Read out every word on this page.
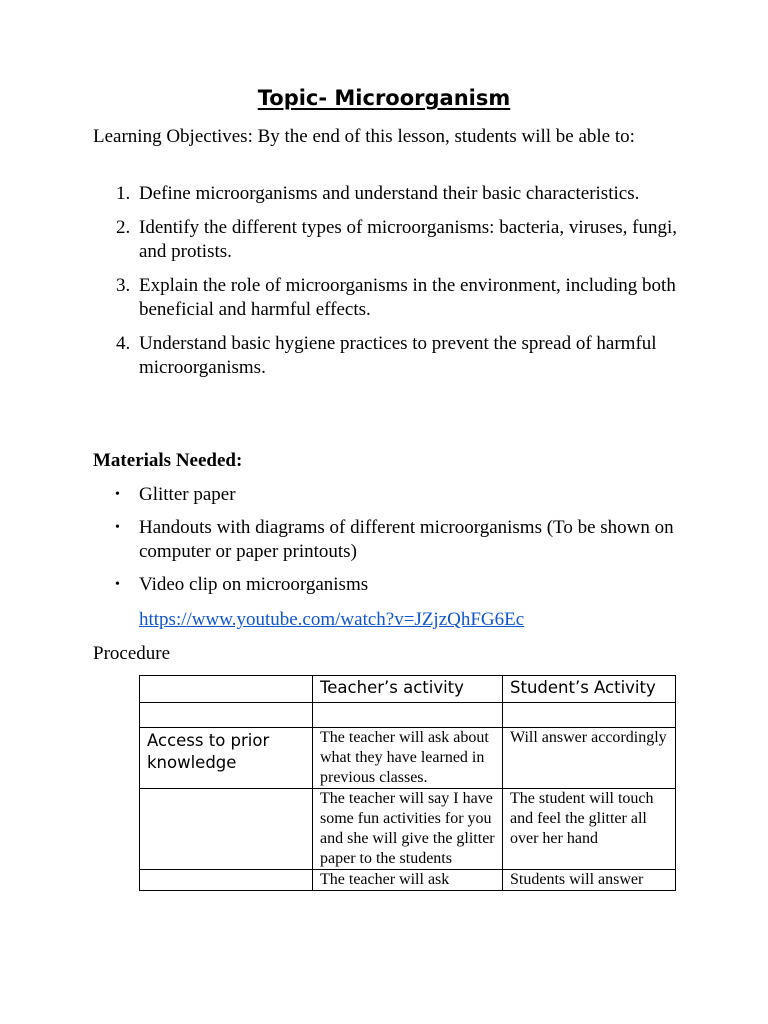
Topic- Microorganism
Learning Objectives: By the end of this lesson, students will be able to:
1. Define microorganisms and understand their basic characteristics.
2. Identify the different types of microorganisms: bacteria, viruses, fungi, and protists.
3. Explain the role of microorganisms in the environment, including both beneficial and harmful effects.
4. Understand basic hygiene practices to prevent the spread of harmful microorganisms.
Materials Needed:
• Glitter paper
• Handouts with diagrams of different microorganisms (To be shown on computer or paper printouts)
• Video clip on microorganisms
https://www.youtube.com/watch?v=JZjzQhFG6Ec
Procedure
	Teacher’s activity	Student’s Activity

Access to prior knowledge	The teacher will ask about what they have learned in previous classes.	Will answer accordingly
	The teacher will say I have some fun activities for you and she will give the glitter paper to the students	The student will touch and feel the glitter all over her hand
	The teacher will ask	Students will answer
